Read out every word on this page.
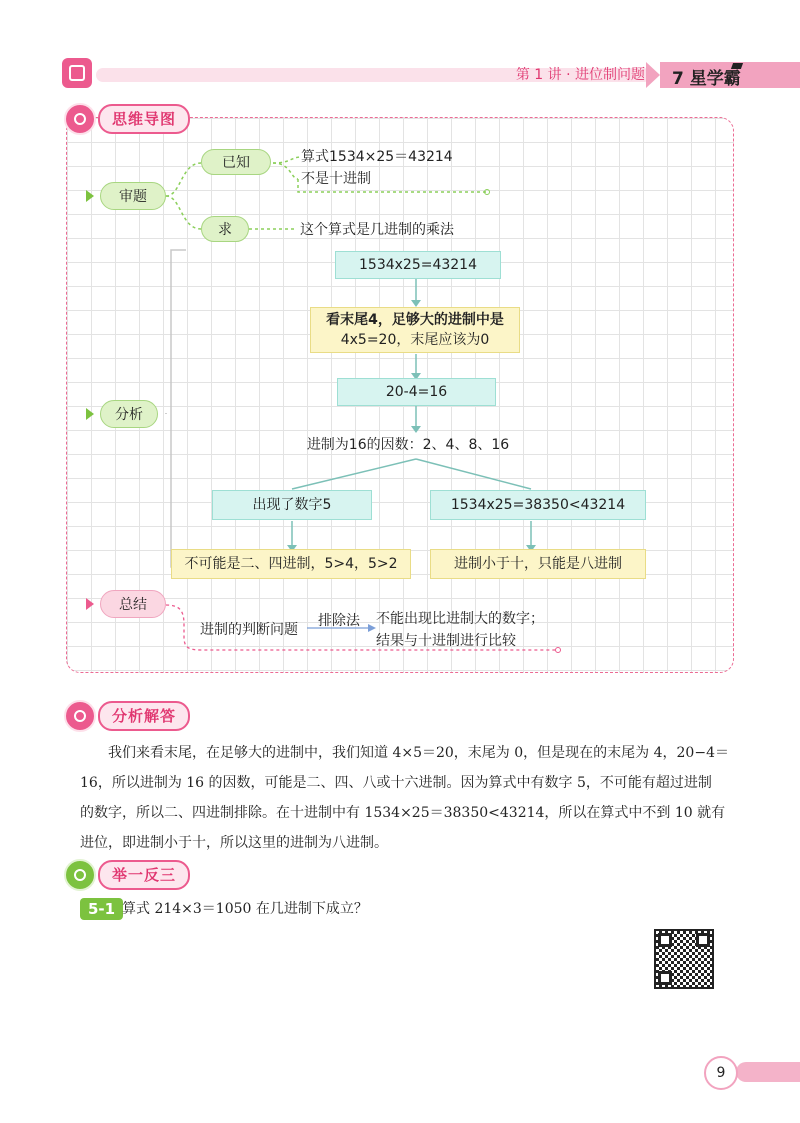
第 1 讲 · 进位制问题 7 星学霸
思维导图
审题
已知	算式1534×25＝43214
不是十进制
求	这个算式是几进制的乘法
分析
1534x25=43214
看末尾4，足够大的进制中是
4x5=20，末尾应该为0
20-4=16
进制为16的因数：2、4、8、16
出现了数字5	1534x25=38350<43214
不可能是二、四进制，5>4，5>2	进制小于十，只能是八进制
总结
进制的判断问题
排除法 不能出现比进制大的数字；
结果与十进制进行比较
分析解答
　　我们来看末尾，在足够大的进制中，我们知道 4×5＝20，末尾为 0，但是现在的末尾为 4，20−4＝
16，所以进制为 16 的因数，可能是二、四、八或十六进制。因为算式中有数字 5，不可能有超过进制
的数字，所以二、四进制排除。在十进制中有 1534×25＝38350<43214，所以在算式中不到 10 就有
进位，即进制小于十，所以这里的进制为八进制。
举一反三
5-1 算式 214×3＝1050 在几进制下成立？
9
